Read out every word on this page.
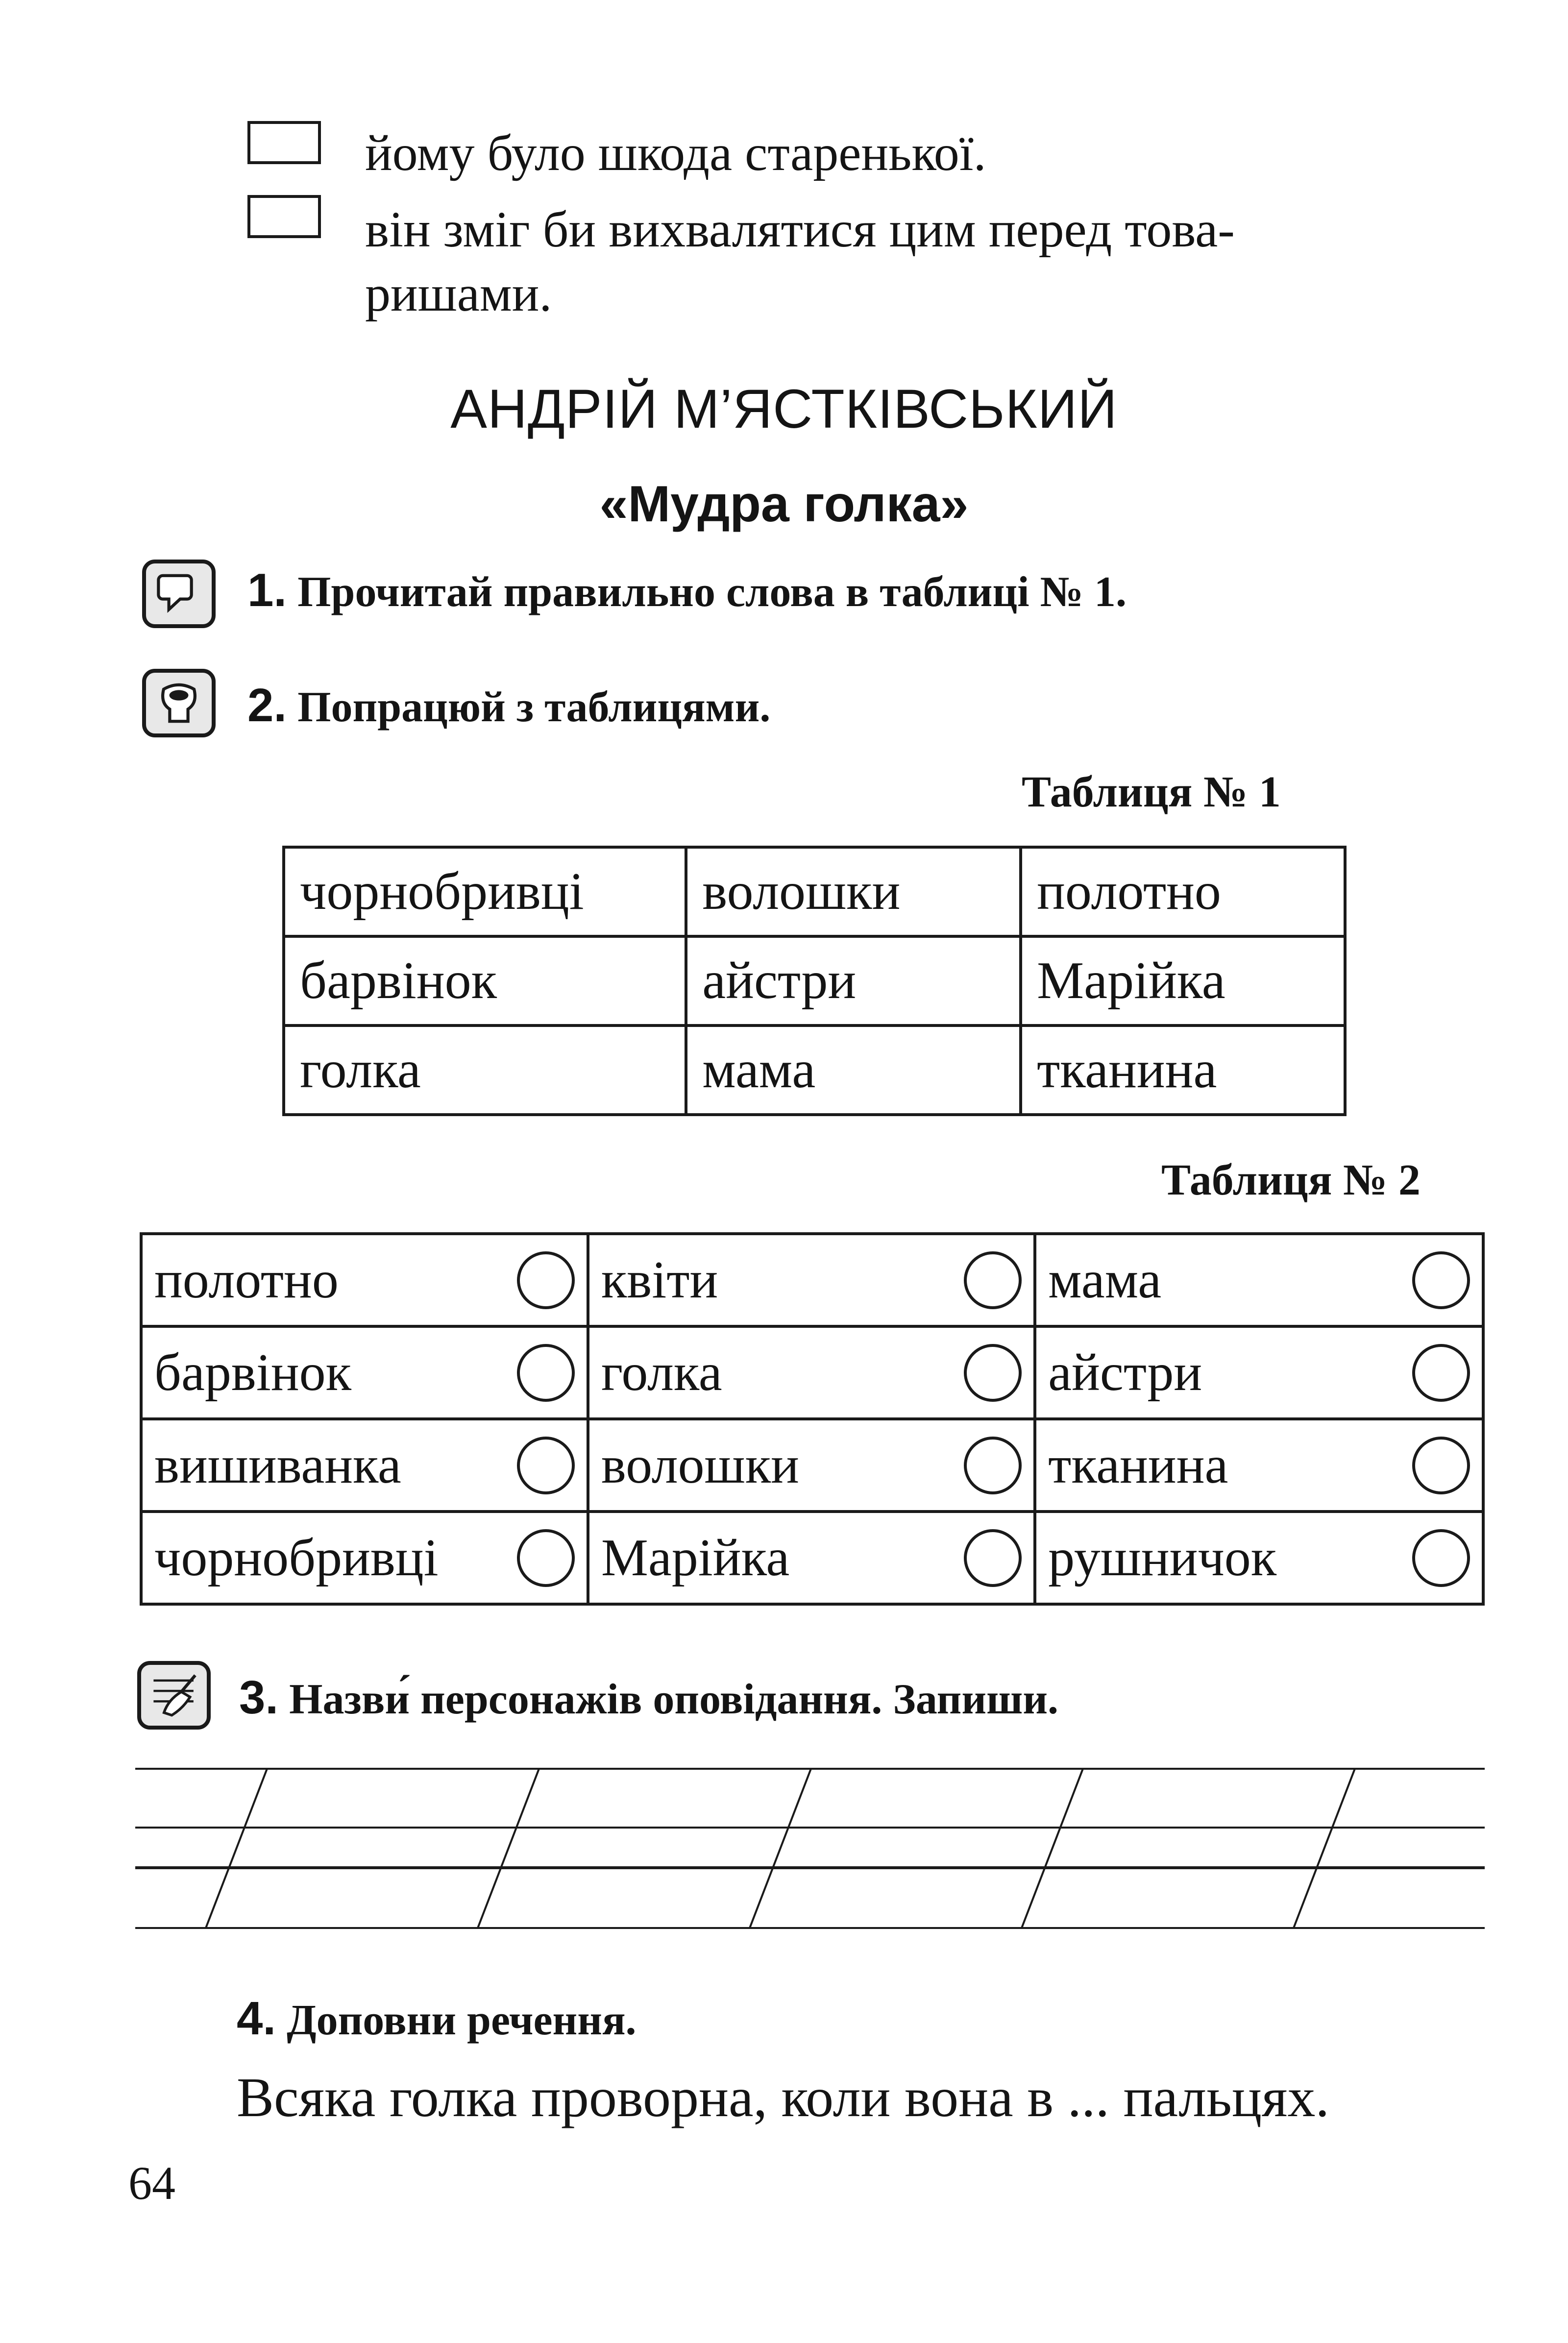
йому було шкода старенької.
він зміг би вихвалятися цим перед това-
ришами.
АНДРІЙ М’ЯСТКІВСЬКИЙ
«Мудра голка»
1. Прочитай правильно слова в таблиці № 1.
2. Попрацюй з таблицями.
Таблиця № 1
чорнобривці	волошки	полотно
барвінок	айстри	Марійка
голка	мама	тканина
Таблиця № 2
полотно	квіти	мама

барвінок	голка	айстри

вишиванка	волошки	тканина

чорнобривці	Марійка	рушничок
3. Назви́ персонажів оповідання. Запиши.
4. Доповни речення.
Всяка голка проворна, коли вона в ... пальцях.
64
